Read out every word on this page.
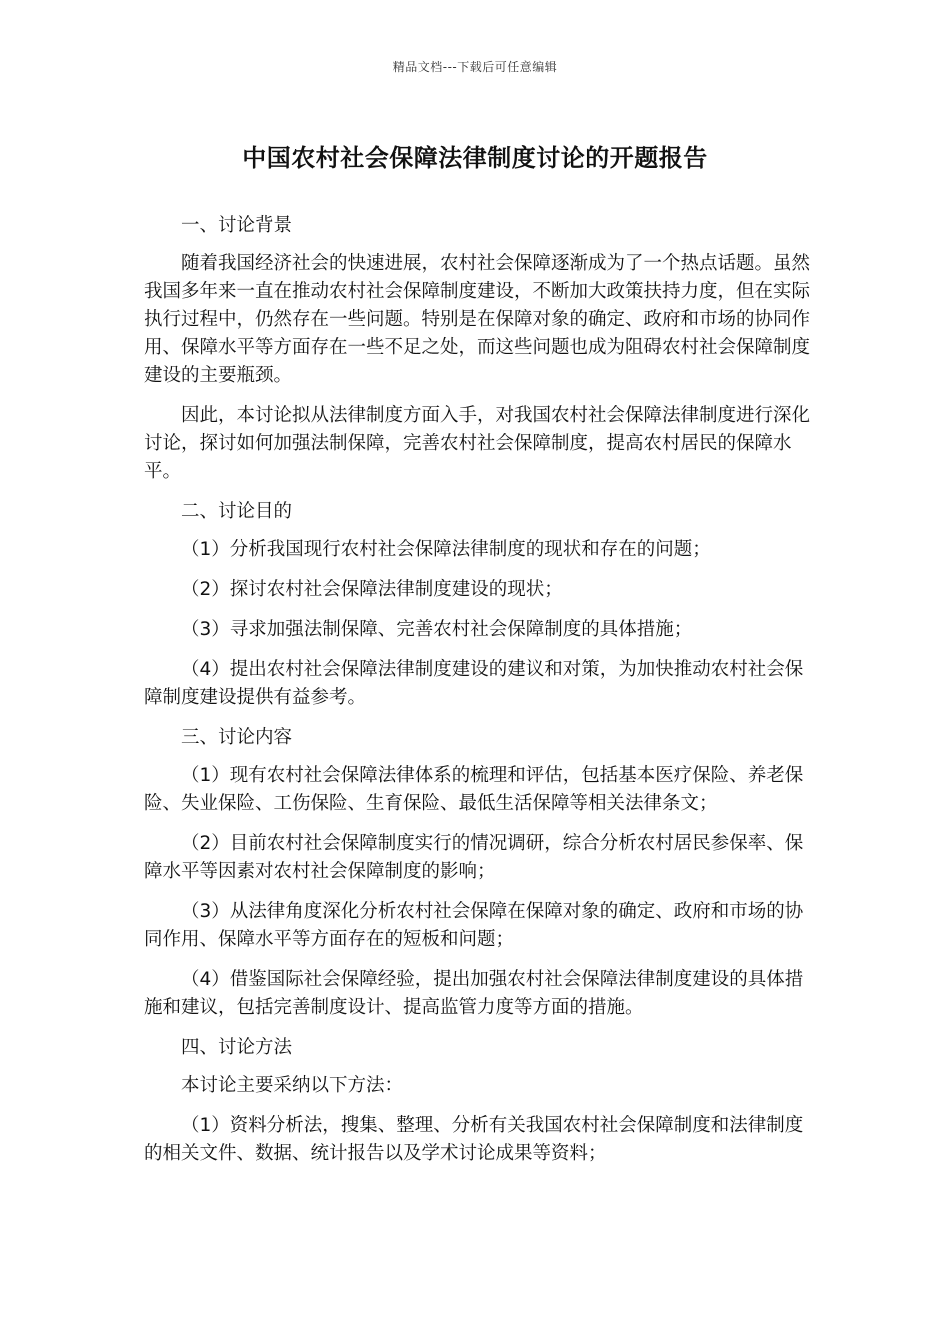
精品文档---下载后可任意编辑
中国农村社会保障法律制度讨论的开题报告

一、讨论背景

随着我国经济社会的快速进展，农村社会保障逐渐成为了一个热点话题。虽然我国多年来一直在推动农村社会保障制度建设，不断加大政策扶持力度，但在实际执行过程中，仍然存在一些问题。特别是在保障对象的确定、政府和市场的协同作用、保障水平等方面存在一些不足之处，而这些问题也成为阻碍农村社会保障制度建设的主要瓶颈。

因此，本讨论拟从法律制度方面入手，对我国农村社会保障法律制度进行深化讨论，探讨如何加强法制保障，完善农村社会保障制度，提高农村居民的保障水平。

二、讨论目的

（1）分析我国现行农村社会保障法律制度的现状和存在的问题；

（2）探讨农村社会保障法律制度建设的现状；

（3）寻求加强法制保障、完善农村社会保障制度的具体措施；

（4）提出农村社会保障法律制度建设的建议和对策，为加快推动农村社会保障制度建设提供有益参考。

三、讨论内容

（1）现有农村社会保障法律体系的梳理和评估，包括基本医疗保险、养老保险、失业保险、工伤保险、生育保险、最低生活保障等相关法律条文；

（2）目前农村社会保障制度实行的情况调研，综合分析农村居民参保率、保障水平等因素对农村社会保障制度的影响；

（3）从法律角度深化分析农村社会保障在保障对象的确定、政府和市场的协同作用、保障水平等方面存在的短板和问题；

（4）借鉴国际社会保障经验，提出加强农村社会保障法律制度建设的具体措施和建议，包括完善制度设计、提高监管力度等方面的措施。

四、讨论方法

本讨论主要采纳以下方法：

（1）资料分析法，搜集、整理、分析有关我国农村社会保障制度和法律制度的相关文件、数据、统计报告以及学术讨论成果等资料；
